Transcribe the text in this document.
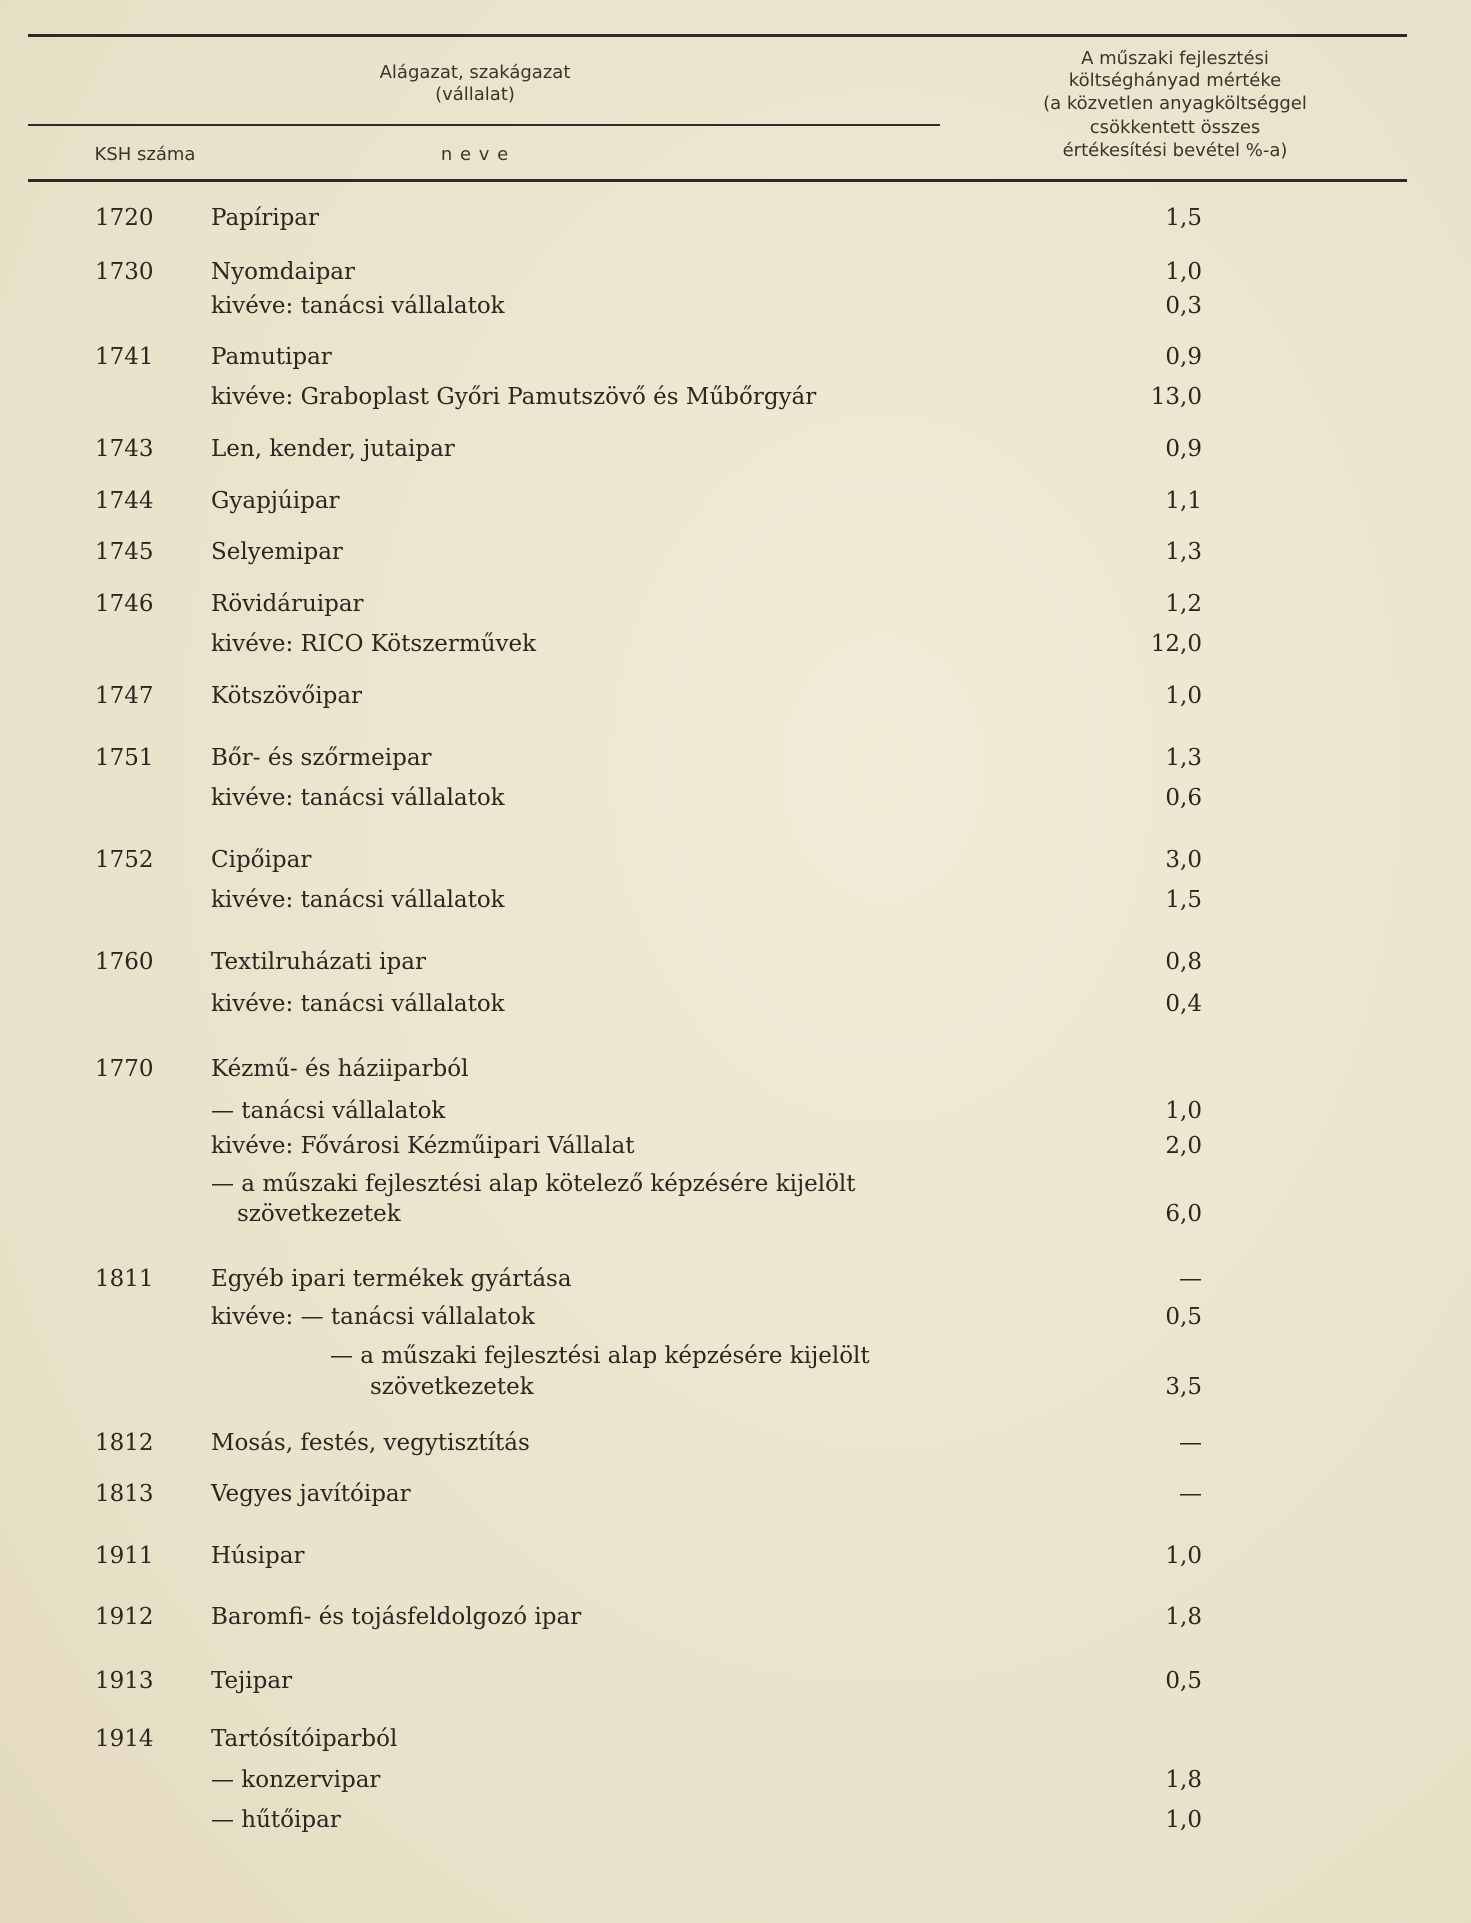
Alágazat, szakágazat
(vállalat)
KSH száma	n e v e
A műszaki fejlesztési
költséghányad mértéke
(a közvetlen anyagköltséggel
csökkentett összes
értékesítési bevétel %-a)
1720	Papíripar	1,5
1730	Nyomdaipar	1,0
kivéve: tanácsi vállalatok	0,3
1741	Pamutipar	0,9
kivéve: Graboplast Győri Pamutszövő és Műbőrgyár	13,0
1743	Len, kender, jutaipar	0,9
1744	Gyapjúipar	1,1
1745	Selyemipar	1,3
1746	Rövidáruipar	1,2
kivéve: RICO Kötszerművek	12,0
1747	Kötszövőipar	1,0
1751	Bőr- és szőrmeipar	1,3
kivéve: tanácsi vállalatok	0,6
1752	Cipőipar	3,0
kivéve: tanácsi vállalatok	1,5
1760	Textilruházati ipar	0,8
kivéve: tanácsi vállalatok	0,4
1770	Kézmű- és háziiparból
— tanácsi vállalatok	1,0
kivéve: Fővárosi Kézműipari Vállalat	2,0
— a műszaki fejlesztési alap kötelező képzésére kijelölt
szövetkezetek	6,0
1811	Egyéb ipari termékek gyártása	—
kivéve: — tanácsi vállalatok	0,5
— a műszaki fejlesztési alap képzésére kijelölt
szövetkezetek	3,5
1812	Mosás, festés, vegytisztítás	—
1813	Vegyes javítóipar	—
1911	Húsipar	1,0
1912	Baromfi- és tojásfeldolgozó ipar	1,8
1913	Tejipar	0,5
1914	Tartósítóiparból
— konzervipar	1,8
— hűtőipar	1,0
